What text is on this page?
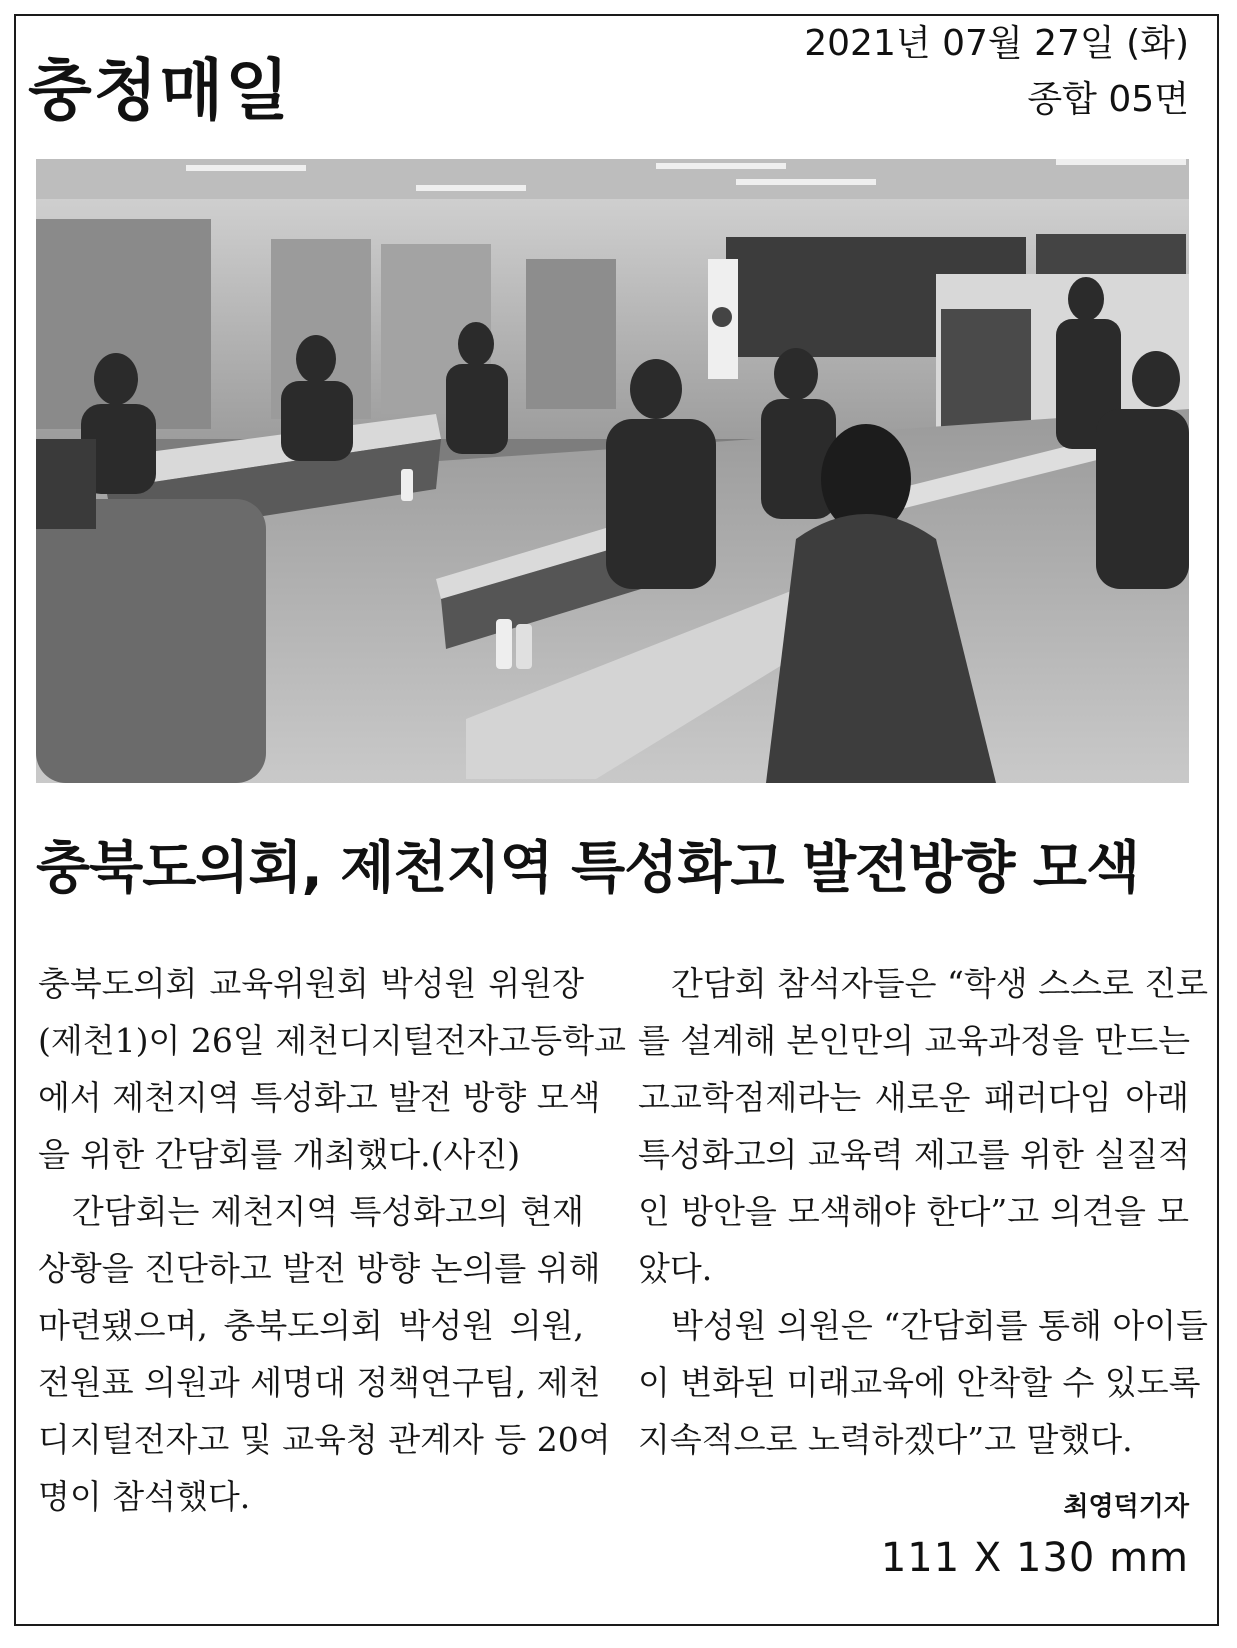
충청매일
2021년 07월 27일 (화)
종합 05면
충북도의회, 제천지역 특성화고 발전방향 모색
충북도의회 교육위원회 박성원 위원장
(제천1)이 26일 제천디지털전자고등학교
에서 제천지역 특성화고 발전 방향 모색
을 위한 간담회를 개최했다.(사진)
　간담회는 제천지역 특성화고의 현재
상황을 진단하고 발전 방향 논의를 위해
마련됐으며, 충북도의회 박성원 의원,
전원표 의원과 세명대 정책연구팀, 제천
디지털전자고 및 교육청 관계자 등 20여
명이 참석했다.
　간담회 참석자들은 “학생 스스로 진로
를 설계해 본인만의 교육과정을 만드는
고교학점제라는 새로운 패러다임 아래
특성화고의 교육력 제고를 위한 실질적
인 방안을 모색해야 한다”고 의견을 모
았다.
　박성원 의원은 “간담회를 통해 아이들
이 변화된 미래교육에 안착할 수 있도록
지속적으로 노력하겠다”고 말했다.
최영덕기자
111 X 130 mm
